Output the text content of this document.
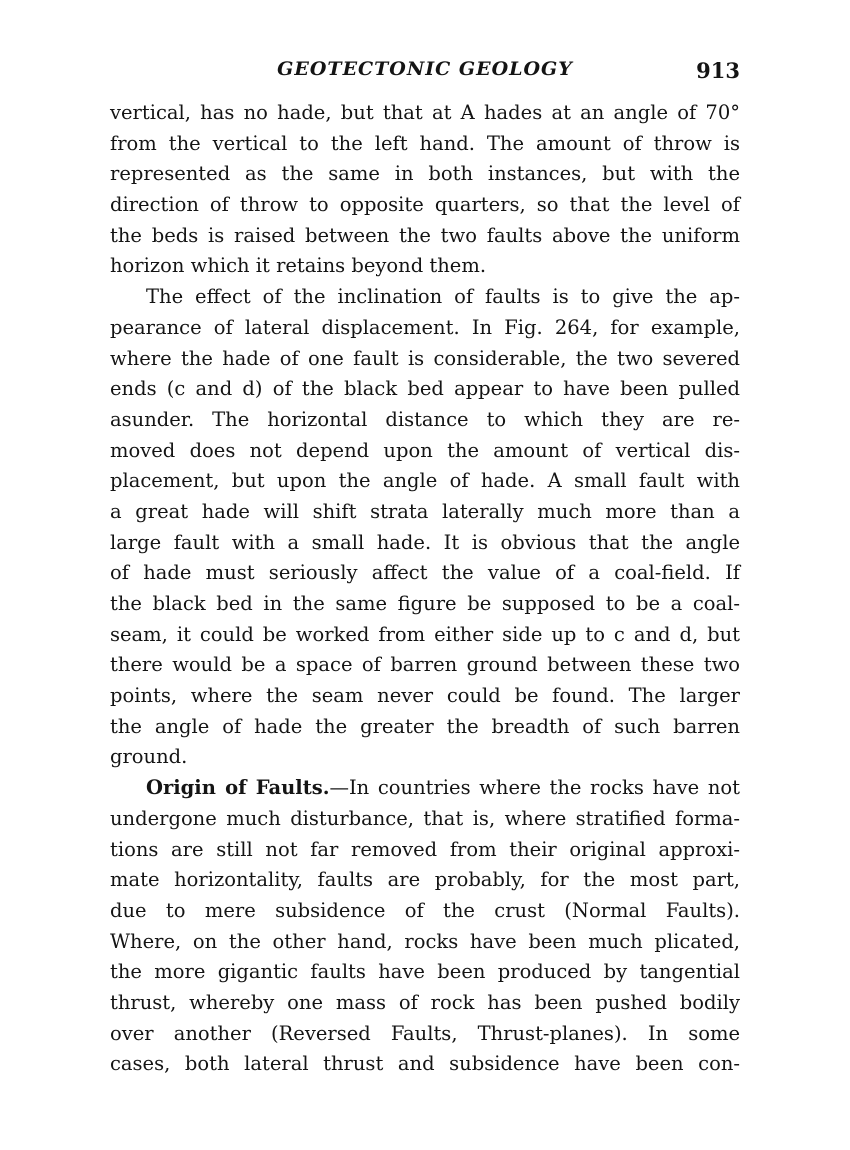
GEOTECTONIC GEOLOGY	913
vertical, has no hade, but that at A hades at an angle of 70°
from the vertical to the left hand. The amount of throw is
represented as the same in both instances, but with the
direction of throw to opposite quarters, so that the level of
the beds is raised between the two faults above the uniform
horizon which it retains beyond them.
The effect of the inclination of faults is to give the ap-
pearance of lateral displacement. In Fig. 264, for example,
where the hade of one fault is considerable, the two severed
ends (c and d) of the black bed appear to have been pulled
asunder. The horizontal distance to which they are re-
moved does not depend upon the amount of vertical dis-
placement, but upon the angle of hade. A small fault with
a great hade will shift strata laterally much more than a
large fault with a small hade. It is obvious that the angle
of hade must seriously affect the value of a coal-field. If
the black bed in the same figure be supposed to be a coal-
seam, it could be worked from either side up to c and d, but
there would be a space of barren ground between these two
points, where the seam never could be found. The larger
the angle of hade the greater the breadth of such barren
ground.
Origin of Faults.—In countries where the rocks have not
undergone much disturbance, that is, where stratified forma-
tions are still not far removed from their original approxi-
mate horizontality, faults are probably, for the most part,
due to mere subsidence of the crust (Normal Faults).
Where, on the other hand, rocks have been much plicated,
the more gigantic faults have been produced by tangential
thrust, whereby one mass of rock has been pushed bodily
over another (Reversed Faults, Thrust-planes). In some
cases, both lateral thrust and subsidence have been con-
